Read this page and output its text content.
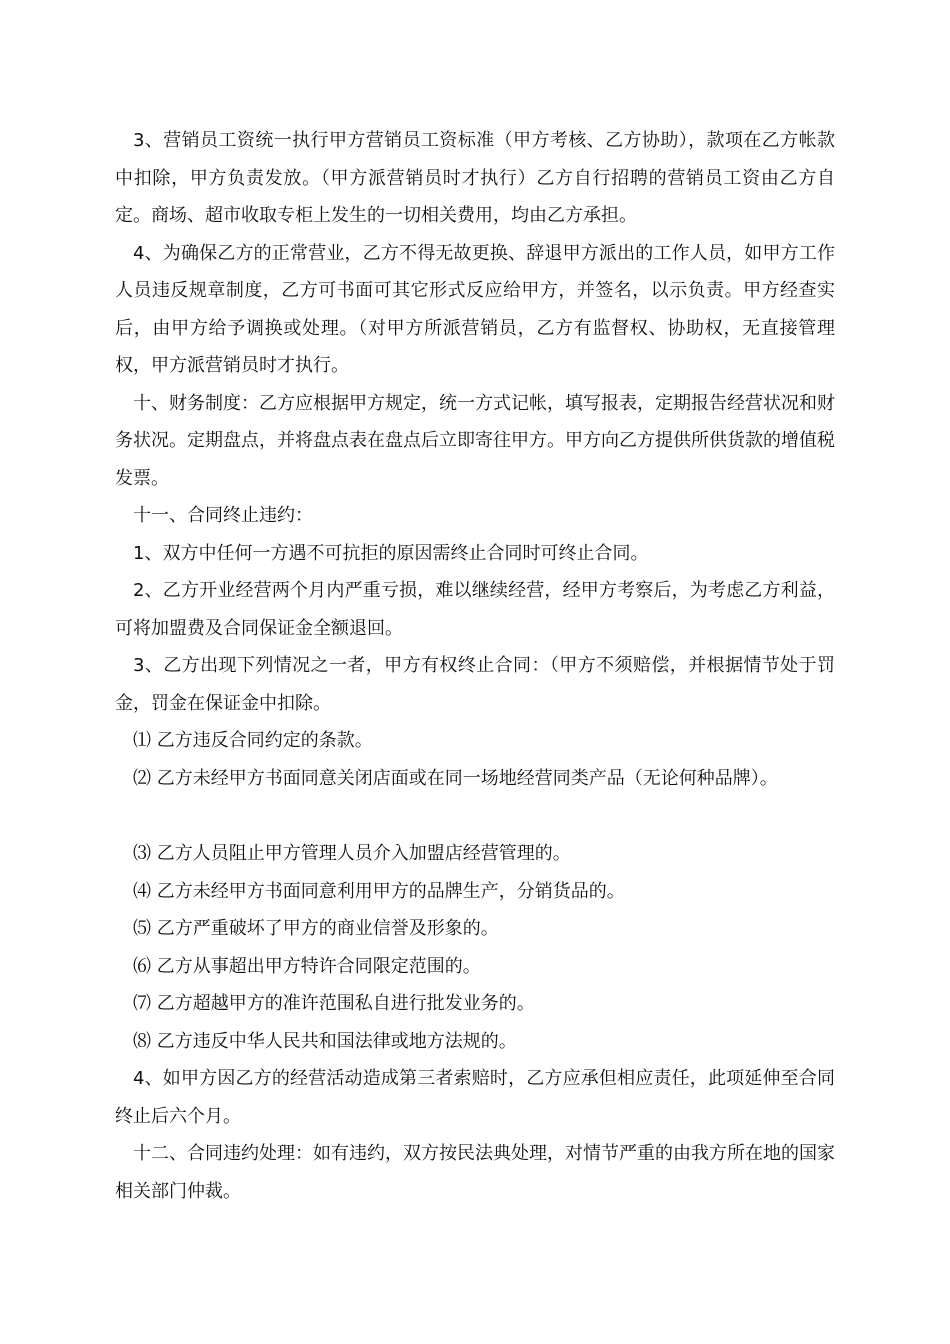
3、营销员工资统一执行甲方营销员工资标准（甲方考核、乙方协助），款项在乙方帐款中扣除，甲方负责发放。（甲方派营销员时才执行）乙方自行招聘的营销员工资由乙方自定。商场、超市收取专柜上发生的一切相关费用，均由乙方承担。

4、为确保乙方的正常营业，乙方不得无故更换、辞退甲方派出的工作人员，如甲方工作人员违反规章制度，乙方可书面可其它形式反应给甲方，并签名，以示负责。甲方经查实后，由甲方给予调换或处理。（对甲方所派营销员，乙方有监督权、协助权，无直接管理权，甲方派营销员时才执行。

十、财务制度：乙方应根据甲方规定，统一方式记帐，填写报表，定期报告经营状况和财务状况。定期盘点，并将盘点表在盘点后立即寄往甲方。甲方向乙方提供所供货款的增值税发票。

十一、合同终止违约：

1、双方中任何一方遇不可抗拒的原因需终止合同时可终止合同。

2、乙方开业经营两个月内严重亏损，难以继续经营，经甲方考察后，为考虑乙方利益，可将加盟费及合同保证金全额退回。

3、乙方出现下列情况之一者，甲方有权终止合同：（甲方不须赔偿，并根据情节处于罚金，罚金在保证金中扣除。

⑴ 乙方违反合同约定的条款。

⑵ 乙方未经甲方书面同意关闭店面或在同一场地经营同类产品（无论何种品牌）。

⑶ 乙方人员阻止甲方管理人员介入加盟店经营管理的。

⑷ 乙方未经甲方书面同意利用甲方的品牌生产，分销货品的。

⑸ 乙方严重破坏了甲方的商业信誉及形象的。

⑹ 乙方从事超出甲方特许合同限定范围的。

⑺ 乙方超越甲方的准许范围私自进行批发业务的。

⑻ 乙方违反中华人民共和国法律或地方法规的。

4、如甲方因乙方的经营活动造成第三者索赔时，乙方应承但相应责任，此项延伸至合同终止后六个月。

十二、合同违约处理：如有违约，双方按民法典处理，对情节严重的由我方所在地的国家相关部门仲裁。
